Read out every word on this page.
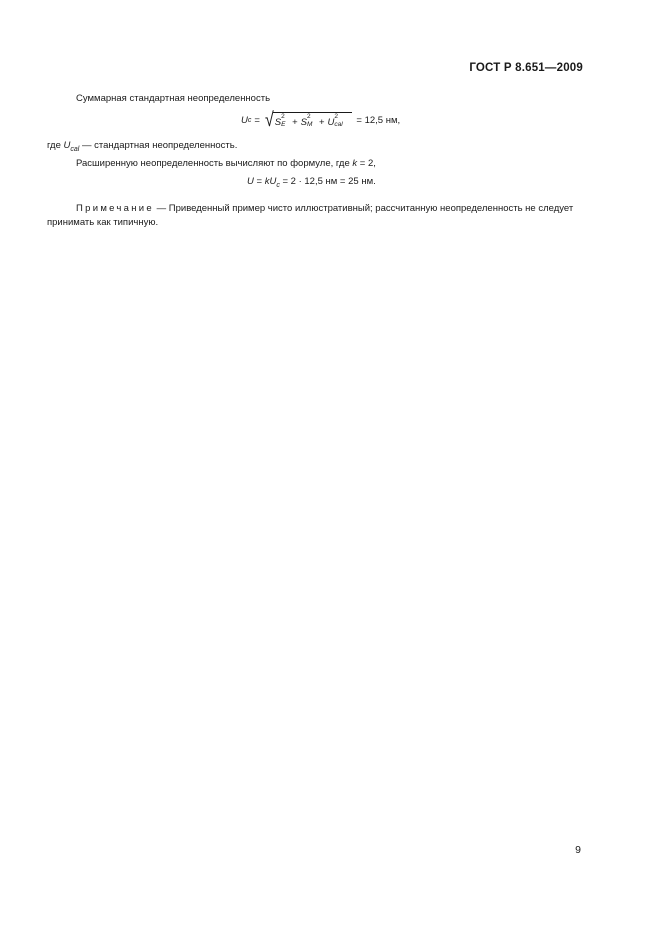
ГОСТ Р 8.651—2009
Суммарная стандартная неопределенность
U c = √ S 2
E + S 2
M + U 2
cal = 12,5 нм,
где $U_{cal}$ — стандартная неопределенность.
Расширенную неопределенность вычисляют по формуле, где k = 2,
$U = kU_c = 2 \cdot 12,5$ нм = 25 нм.
Примечание — Приведенный пример чисто иллюстративный; рассчитанную неопределенность не следует принимать как типичную.
9
